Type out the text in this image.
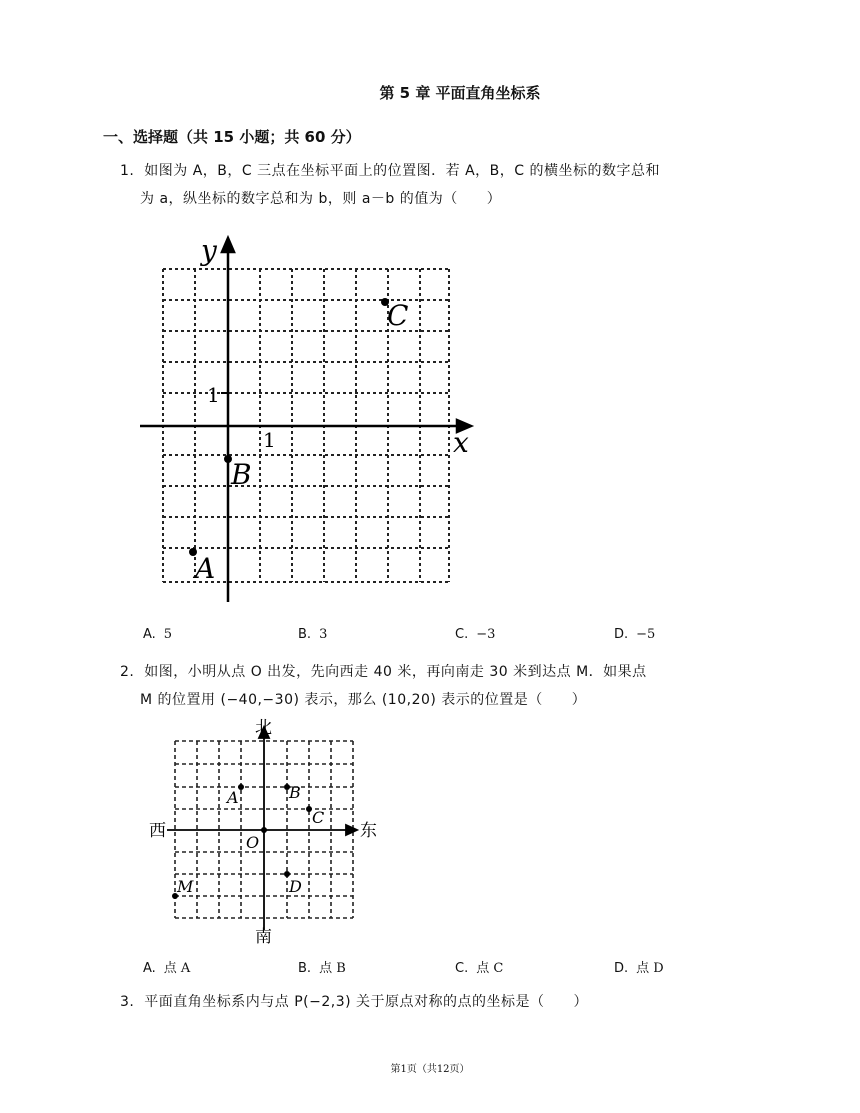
第 5 章 平面直角坐标系
一、选择题（共 15 小题；共 60 分）
1. 如图为 A，B，C 三点在坐标平面上的位置图．若 A，B，C 的横坐标的数字总和
为 a，纵坐标的数字总和为 b，则 a－b 的值为（　　）
y
x
1
1
C
B
A
A. 5	B. 3	C. −3	D. −5
2. 如图，小明从点 O 出发，先向西走 40 米，再向南走 30 米到达点 M．如果点
M 的位置用 (−40,−30) 表示，那么 (10,20) 表示的位置是（　　）
北
南
西	东
O
A	B
C
D
M
A. 点 A	B. 点 B	C. 点 C	D. 点 D
3. 平面直角坐标系内与点 P(−2,3) 关于原点对称的点的坐标是（　　）
第1页（共12页）
